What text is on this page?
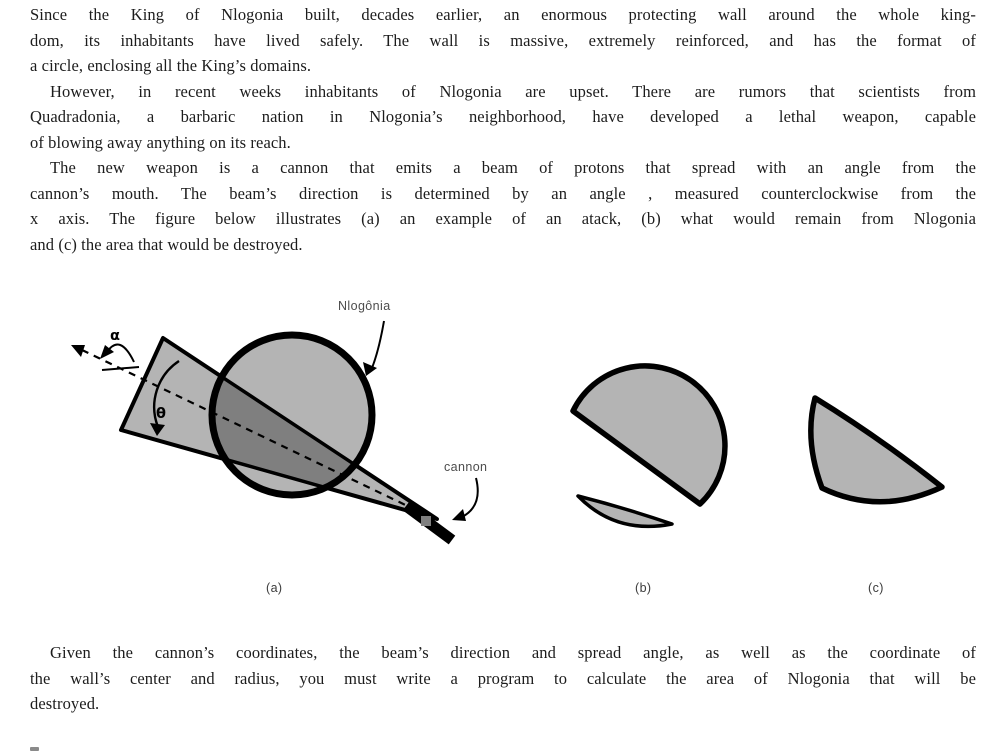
Since the King of Nlogonia built, decades earlier, an enormous protecting wall around the whole king-
dom, its inhabitants have lived safely. The wall is massive, extremely reinforced, and has the format of
a circle, enclosing all the King’s domains.
However, in recent weeks inhabitants of Nlogonia are upset. There are rumors that scientists from
Quadradonia, a barbaric nation in Nlogonia’s neighborhood, have developed a lethal weapon, capable
of blowing away anything on its reach.
The new weapon is a cannon that emits a beam of protons that spread with an angle from the
cannon’s mouth. The beam’s direction is determined by an angle , measured counterclockwise from the
x axis. The figure below illustrates (a) an example of an atack, (b) what would remain from Nlogonia
and (c) the area that would be destroyed.
Given the cannon’s coordinates, the beam’s direction and spread angle, as well as the coordinate of
the wall’s center and radius, you must write a program to calculate the area of Nlogonia that will be
destroyed.
α
θ
Nlogônia
cannon
(a)	(b)	(c)
